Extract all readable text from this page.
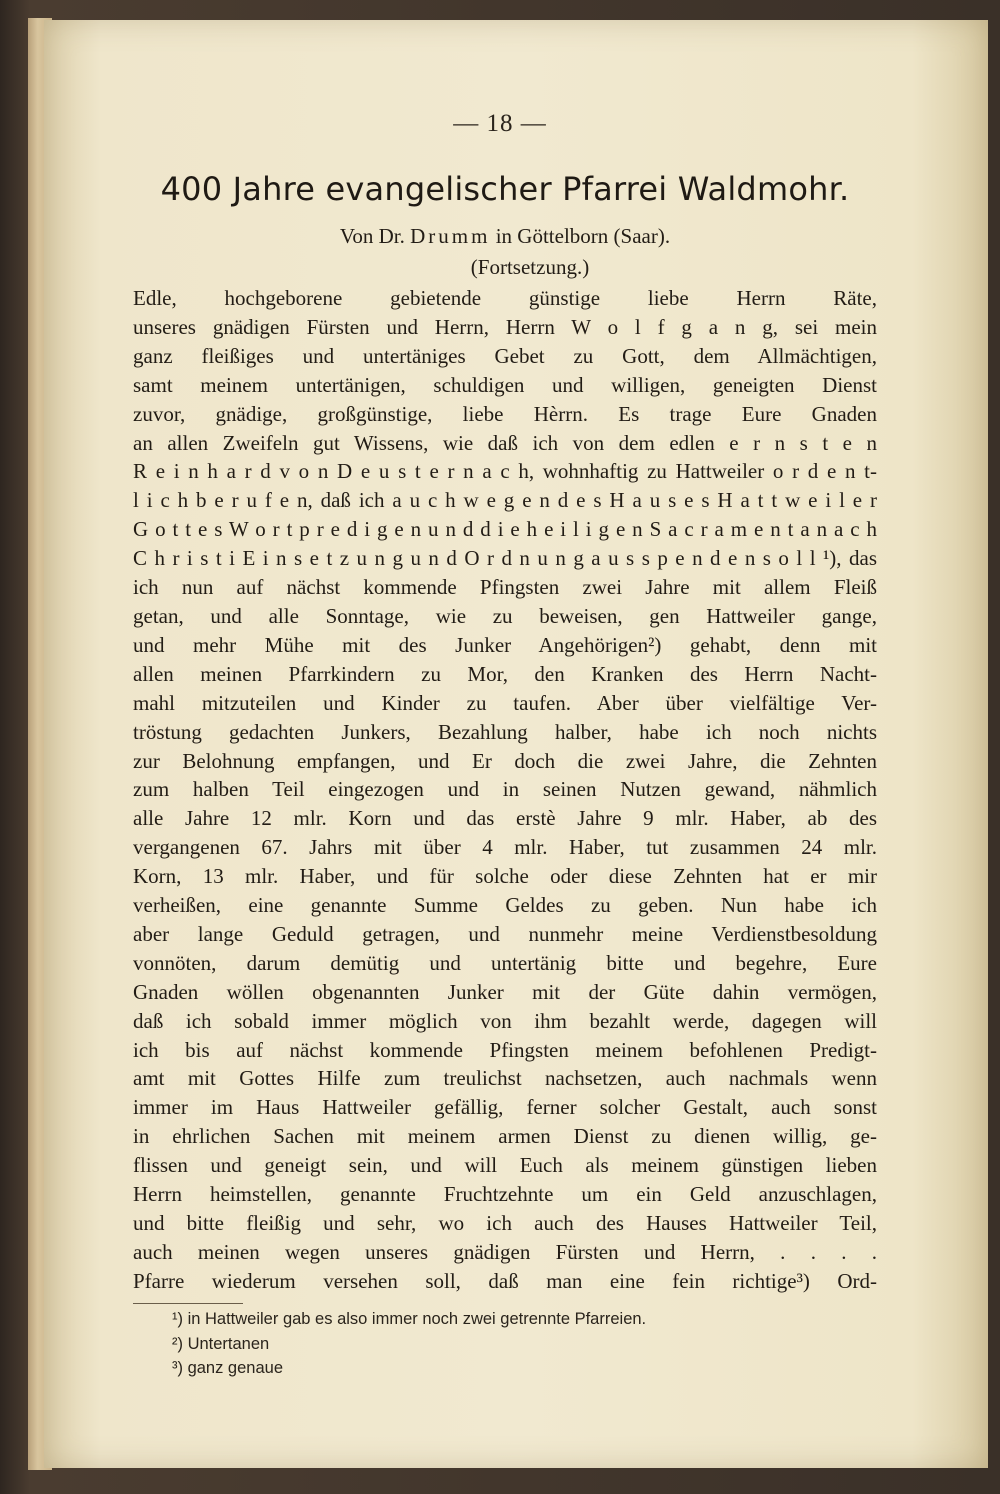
— 18 —
400 Jahre evangelischer Pfarrei Waldmohr.
Von Dr. Drumm in Göttelborn (Saar).
(Fortsetzung.)
Edle, hochgeborene gebietende günstige liebe Herrn Räte,
unseres gnädigen Fürsten und Herrn, Herrn W o l f g a n g, sei mein
ganz fleißiges und untertäniges Gebet zu Gott, dem Allmächtigen,
samt meinem untertänigen, schuldigen und willigen, geneigten Dienst
zuvor, gnädige, großgünstige, liebe Hèrrn. Es trage Eure Gnaden
an allen Zweifeln gut Wissens, wie daß ich von dem edlen e r n s t e n
R e i n h a r d v o n D e u s t e r n a c h, wohnhaftig zu Hattweiler o r d e n t-
l i c h b e r u f e n, daß ich a u c h w e g e n d e s H a u s e s H a t t w e i l e r
G o t t e s W o r t p r e d i g e n u n d d i e h e i l i g e n S a c r a m e n t a n a c h
C h r i s t i E i n s e t z u n g u n d O r d n u n g a u s s p e n d e n s o l l ¹), das
ich nun auf nächst kommende Pfingsten zwei Jahre mit allem Fleiß
getan, und alle Sonntage, wie zu beweisen, gen Hattweiler gange,
und mehr Mühe mit des Junker Angehörigen²) gehabt, denn mit
allen meinen Pfarrkindern zu Mor, den Kranken des Herrn Nacht-
mahl mitzuteilen und Kinder zu taufen. Aber über vielfältige Ver-
tröstung gedachten Junkers, Bezahlung halber, habe ich noch nichts
zur Belohnung empfangen, und Er doch die zwei Jahre, die Zehnten
zum halben Teil eingezogen und in seinen Nutzen gewand, nähmlich
alle Jahre 12 mlr. Korn und das erstè Jahre 9 mlr. Haber, ab des
vergangenen 67. Jahrs mit über 4 mlr. Haber, tut zusammen 24 mlr.
Korn, 13 mlr. Haber, und für solche oder diese Zehnten hat er mir
verheißen, eine genannte Summe Geldes zu geben. Nun habe ich
aber lange Geduld getragen, und nunmehr meine Verdienstbesoldung
vonnöten, darum demütig und untertänig bitte und begehre, Eure
Gnaden wöllen obgenannten Junker mit der Güte dahin vermögen,
daß ich sobald immer möglich von ihm bezahlt werde, dagegen will
ich bis auf nächst kommende Pfingsten meinem befohlenen Predigt-
amt mit Gottes Hilfe zum treulichst nachsetzen, auch nachmals wenn
immer im Haus Hattweiler gefällig, ferner solcher Gestalt, auch sonst
in ehrlichen Sachen mit meinem armen Dienst zu dienen willig, ge-
flissen und geneigt sein, und will Euch als meinem günstigen lieben
Herrn heimstellen, genannte Fruchtzehnte um ein Geld anzuschlagen,
und bitte fleißig und sehr, wo ich auch des Hauses Hattweiler Teil,
auch meinen wegen unseres gnädigen Fürsten und Herrn, . . . .
Pfarre wiederum versehen soll, daß man eine fein richtige³) Ord-
¹) in Hattweiler gab es also immer noch zwei getrennte Pfarreien.
²) Untertanen
³) ganz genaue
